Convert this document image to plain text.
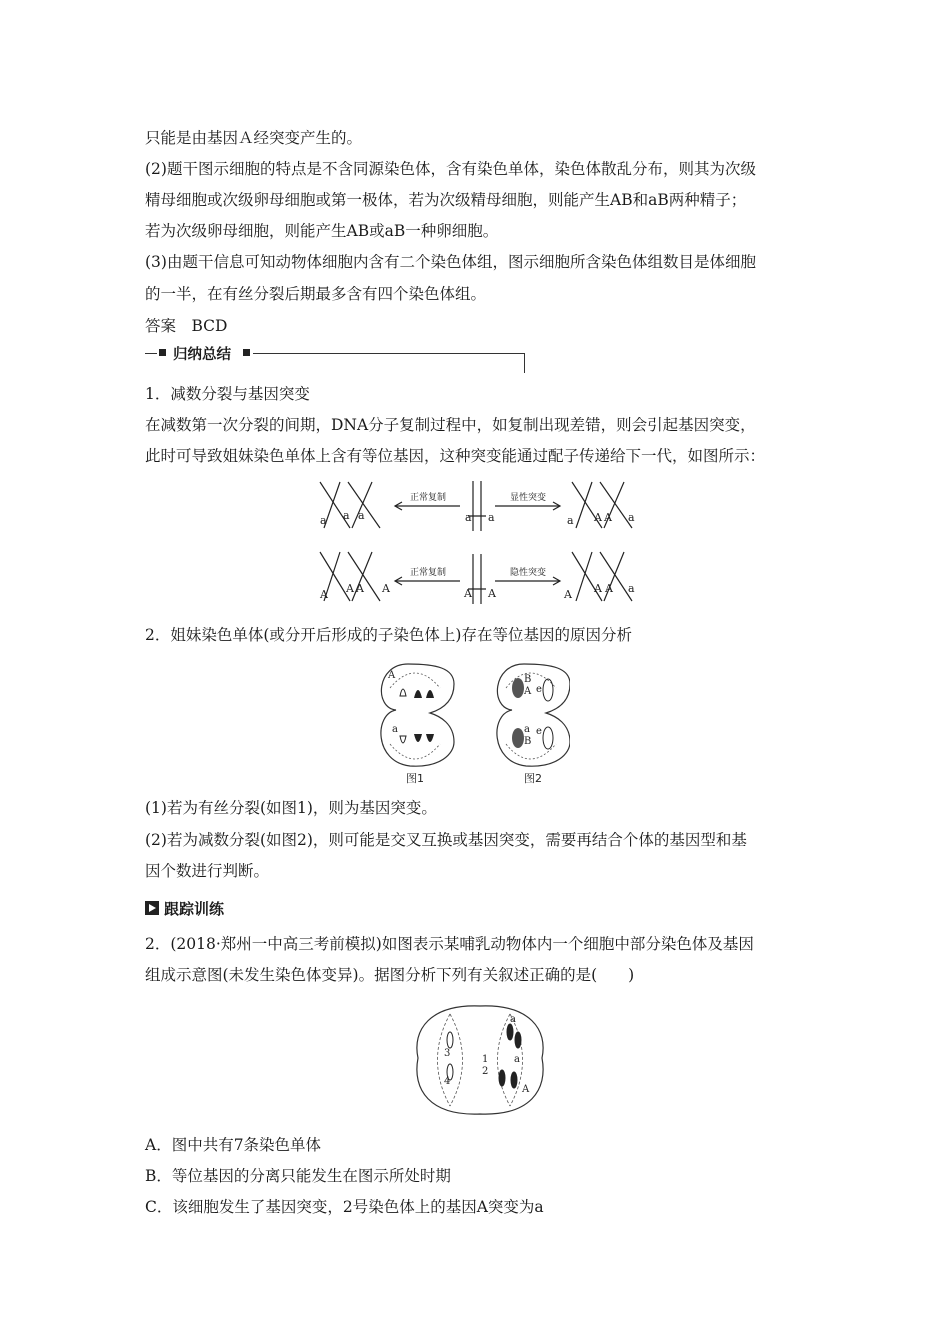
只能是由基因Ａ经突变产生的。
(2)题干图示细胞的特点是不含同源染色体，含有染色单体，染色体散乱分布，则其为次级
精母细胞或次级卵母细胞或第一极体，若为次级精母细胞，则能产生AB和aB两种精子；
若为次级卵母细胞，则能产生AB或aB一种卵细胞。
(3)由题干信息可知动物体细胞内含有二个染色体组，图示细胞所含染色体组数目是体细胞
的一半，在有丝分裂后期最多含有四个染色体组。
答案　BCD
归纳总结
1．减数分裂与基因突变
在减数第一次分裂的间期，DNA分子复制过程中，如复制出现差错，则会引起基因突变，
此时可导致姐妹染色单体上含有等位基因，这种突变能通过配子传递给下一代，如图所示：
正常复制	显性突变
正常复制	隐性突变
a a a	a a	a A A a
A A A A	A A	A A A a
2．姐妹染色单体(或分开后形成的子染色体上)存在等位基因的原因分析
A
a
B
A e
a
B
e
图1	图2
(1)若为有丝分裂(如图1)，则为基因突变。
(2)若为减数分裂(如图2)，则可能是交叉互换或基因突变，需要再结合个体的基因型和基
因个数进行判断。
跟踪训练
2．(2018·郑州一中高三考前模拟)如图表示某哺乳动物体内一个细胞中部分染色体及基因
组成示意图(未发生染色体变异)。据图分析下列有关叙述正确的是(　　)
3
4
1
2
a
a
A
A．图中共有7条染色单体
B．等位基因的分离只能发生在图示所处时期
C．该细胞发生了基因突变，2号染色体上的基因A突变为a
